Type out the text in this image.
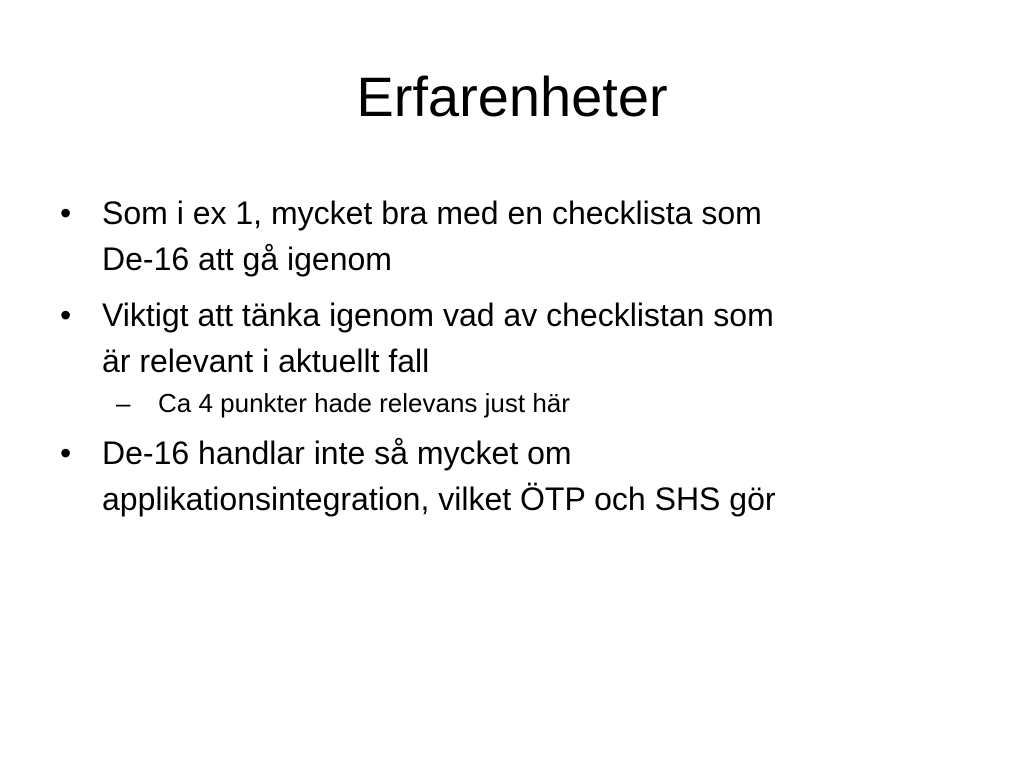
Erfarenheter
• Som i ex 1, mycket bra med en checklista som
De-16 att gå igenom
• Viktigt att tänka igenom vad av checklistan som
är relevant i aktuellt fall
– Ca 4 punkter hade relevans just här
• De-16 handlar inte så mycket om
applikationsintegration, vilket ÖTP och SHS gör
